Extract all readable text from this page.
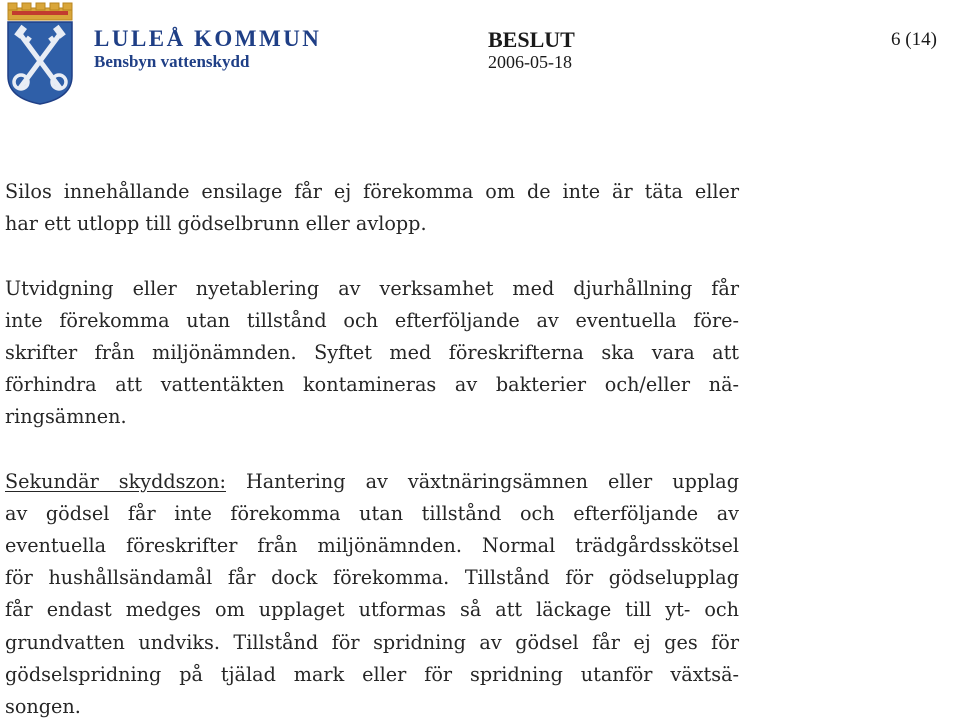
LULEÅ KOMMUN
Bensbyn vattenskydd
BESLUT
2006-05-18
6 (14)
Silos innehållande ensilage får ej förekomma om de inte är täta eller
har ett utlopp till gödselbrunn eller avlopp.
Utvidgning eller nyetablering av verksamhet med djurhållning får
inte förekomma utan tillstånd och efterföljande av eventuella före-
skrifter från miljönämnden. Syftet med föreskrifterna ska vara att
förhindra att vattentäkten kontamineras av bakterier och/eller nä-
ringsämnen.
Sekundär skyddszon: Hantering av växtnäringsämnen eller upplag
av gödsel får inte förekomma utan tillstånd och efterföljande av
eventuella föreskrifter från miljönämnden. Normal trädgårdsskötsel
för hushållsändamål får dock förekomma. Tillstånd för gödselupplag
får endast medges om upplaget utformas så att läckage till yt- och
grundvatten undviks. Tillstånd för spridning av gödsel får ej ges för
gödselspridning på tjälad mark eller för spridning utanför växtsä-
songen.
